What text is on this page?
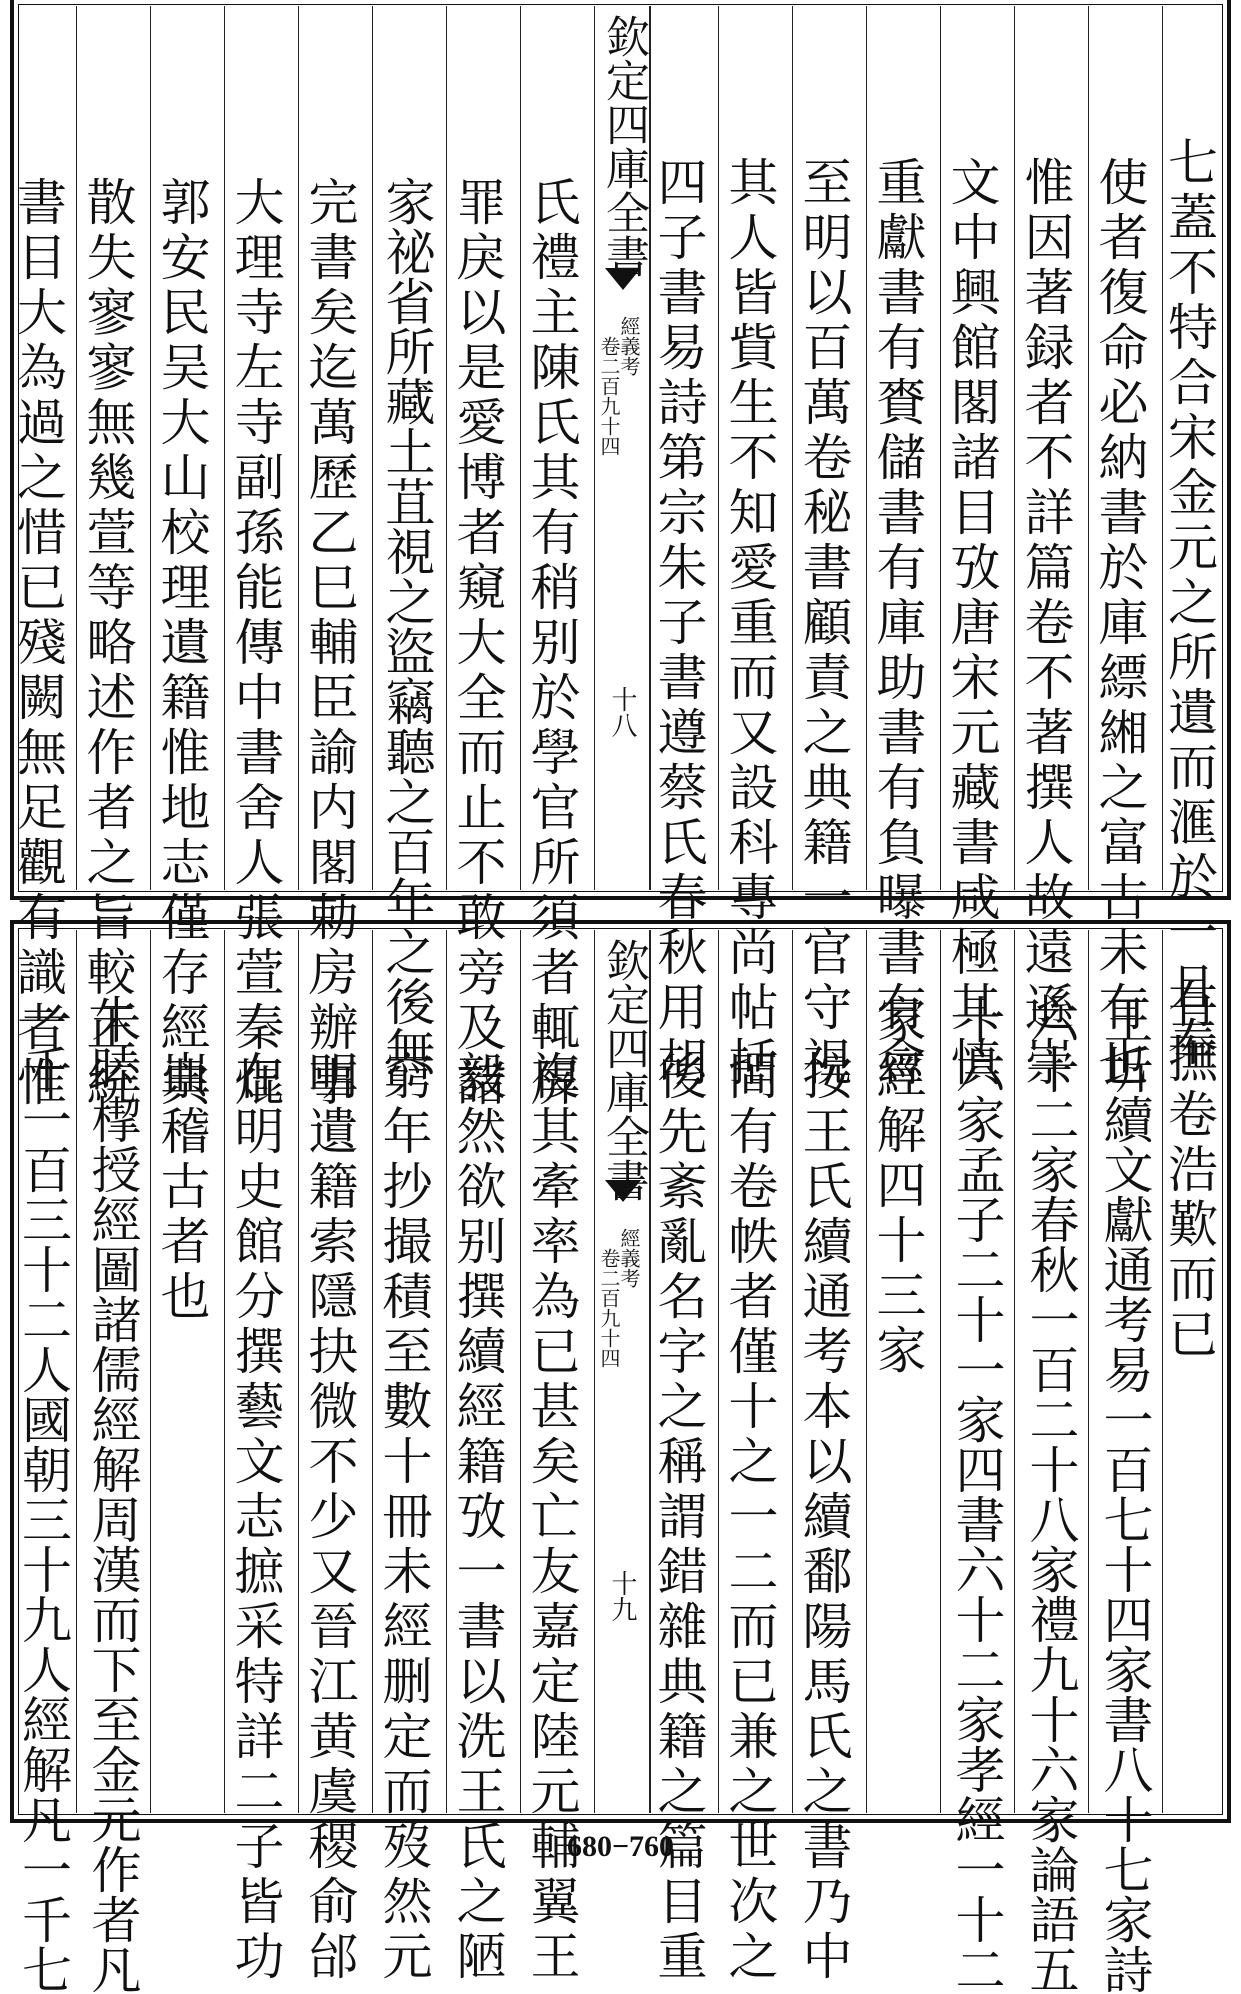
七蓋不特合宋金元之所遺而滙於一且奉
使者復命必納書於庫縹緗之富古未有也
惟因著録者不詳篇卷不著撰人故遠遜崇
文中興館閣諸目攷唐宋元藏書咸極其慎
重獻書有賚儲書有庫助書有負曝書有會
至明以百萬卷秘書顧責之典籍一官守視
其人皆貲生不知愛重而又設科專尚帖括
四子書易詩第宗朱子書遵蔡氏春秋用胡
欽定四庫全書
經義考
卷二百九十四
十八
氏禮主陳氏其有稍别於學官所須者輒屏
罪戾以是愛博者窺大全而止不敢旁及諸
家祕省所藏土苴視之盜竊聽之百年之後無
完書矣迄萬歷乙巳輔臣諭内閣勅房辦事
大理寺左寺副孫能傳中書舍人張萱秦焜
郭安民吴大山校理遺籍惟地志僅存經典
散失寥寥無幾萱等略述作者之旨較正統
書目大為過之惜已殘闕無足觀有識者惟
有撫卷浩歎而已
王圻續文獻通考易一百七十四家書八十七家詩
六十二家春秋一百二十八家禮九十六家論語五
十六家孟子二十一家四書六十二家孝經一十二
家經解四十三家
按王氏續通考本以續鄱陽馬氏之書乃中
間有卷帙者僅十之一二而已兼之世次之
後先紊亂名字之稱謂錯雜典籍之篇目重
欽定四庫全書
經義考
卷二百九十四
十九
複其牽率為已甚矣亡友嘉定陸元輔翼王
毅然欲别撰續經籍攷一書以洗王氏之陋
窮年抄撮積至數十冊未經删定而歿然元
明遺籍索隱抉微不少又晉江黄虞稷俞邰
在明史館分撰藝文志摭采特詳二子皆功
崇稽古者也
朱睦㮮授經圖諸儒經解周漢而下至金元作者凡
一千一百三十二人國朝三十九人經解凡一千七	680−760
